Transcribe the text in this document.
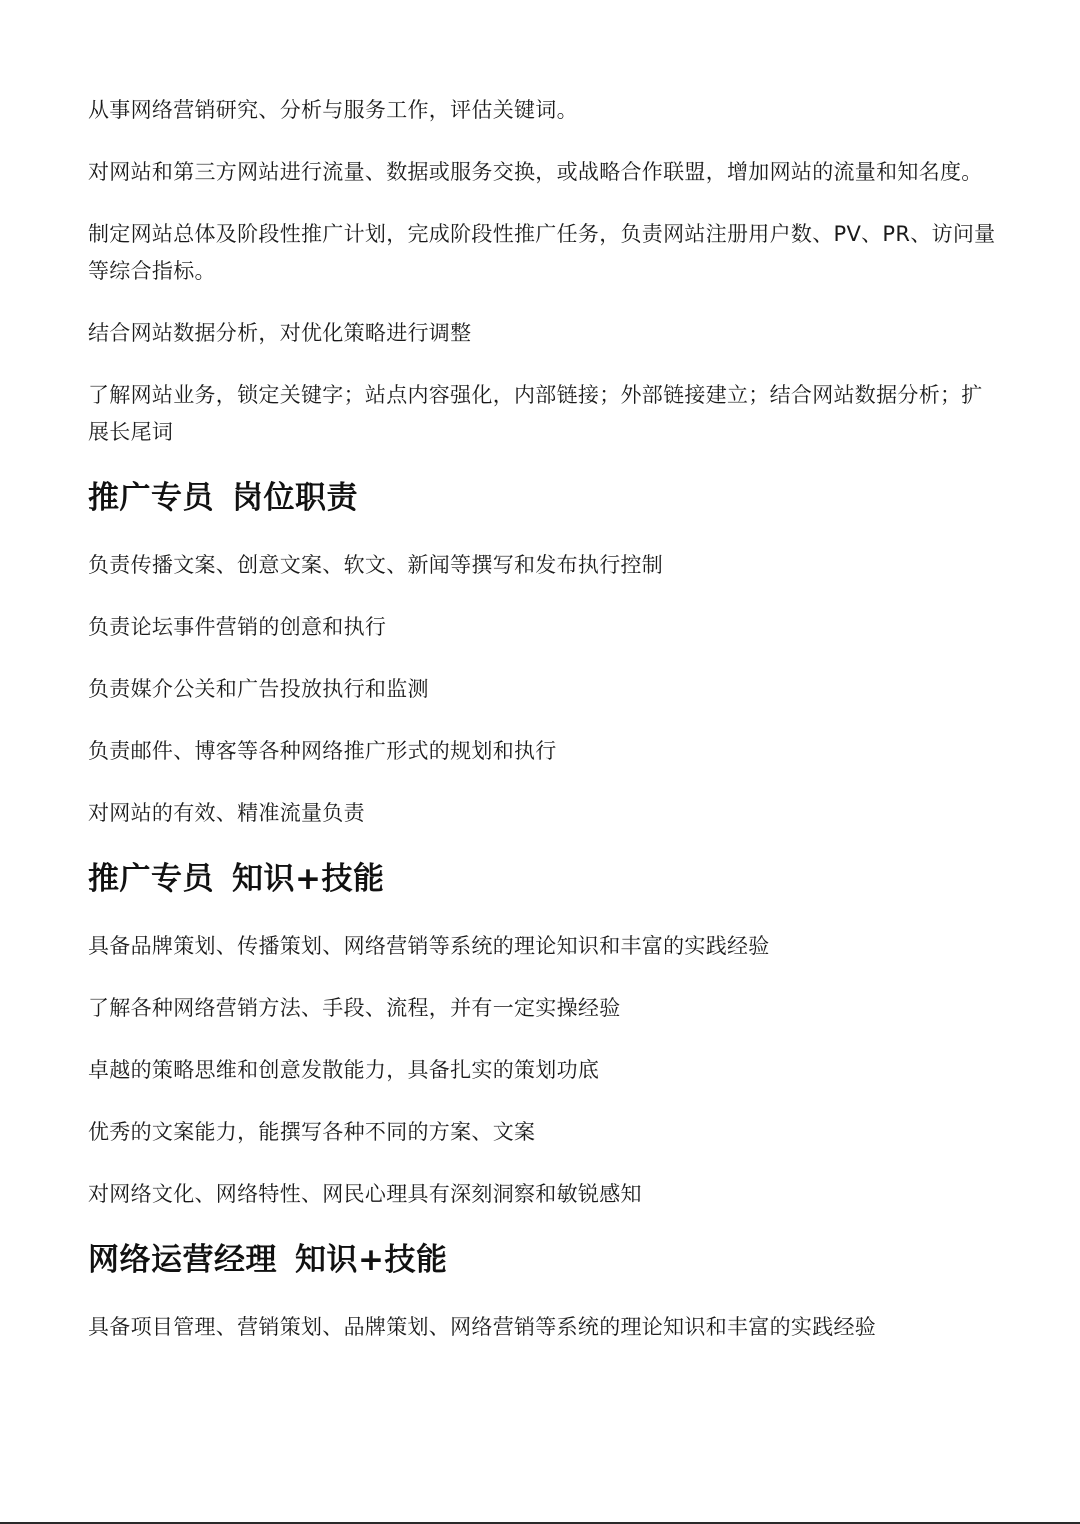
从事网络营销研究、分析与服务工作，评估关键词。

对网站和第三方网站进行流量、数据或服务交换，或战略合作联盟，增加网站的流量和知名度。

制定网站总体及阶段性推广计划，完成阶段性推广任务，负责网站注册用户数、PV、PR、访问量等综合指标。

结合网站数据分析，对优化策略进行调整

了解网站业务，锁定关键字；站点内容强化，内部链接；外部链接建立；结合网站数据分析；扩展长尾词

推广专员 岗位职责

负责传播文案、创意文案、软文、新闻等撰写和发布执行控制

负责论坛事件营销的创意和执行

负责媒介公关和广告投放执行和监测

负责邮件、博客等各种网络推广形式的规划和执行

对网站的有效、精准流量负责

推广专员 知识+技能

具备品牌策划、传播策划、网络营销等系统的理论知识和丰富的实践经验

了解各种网络营销方法、手段、流程，并有一定实操经验

卓越的策略思维和创意发散能力，具备扎实的策划功底

优秀的文案能力，能撰写各种不同的方案、文案

对网络文化、网络特性、网民心理具有深刻洞察和敏锐感知

网络运营经理 知识+技能

具备项目管理、营销策划、品牌策划、网络营销等系统的理论知识和丰富的实践经验
